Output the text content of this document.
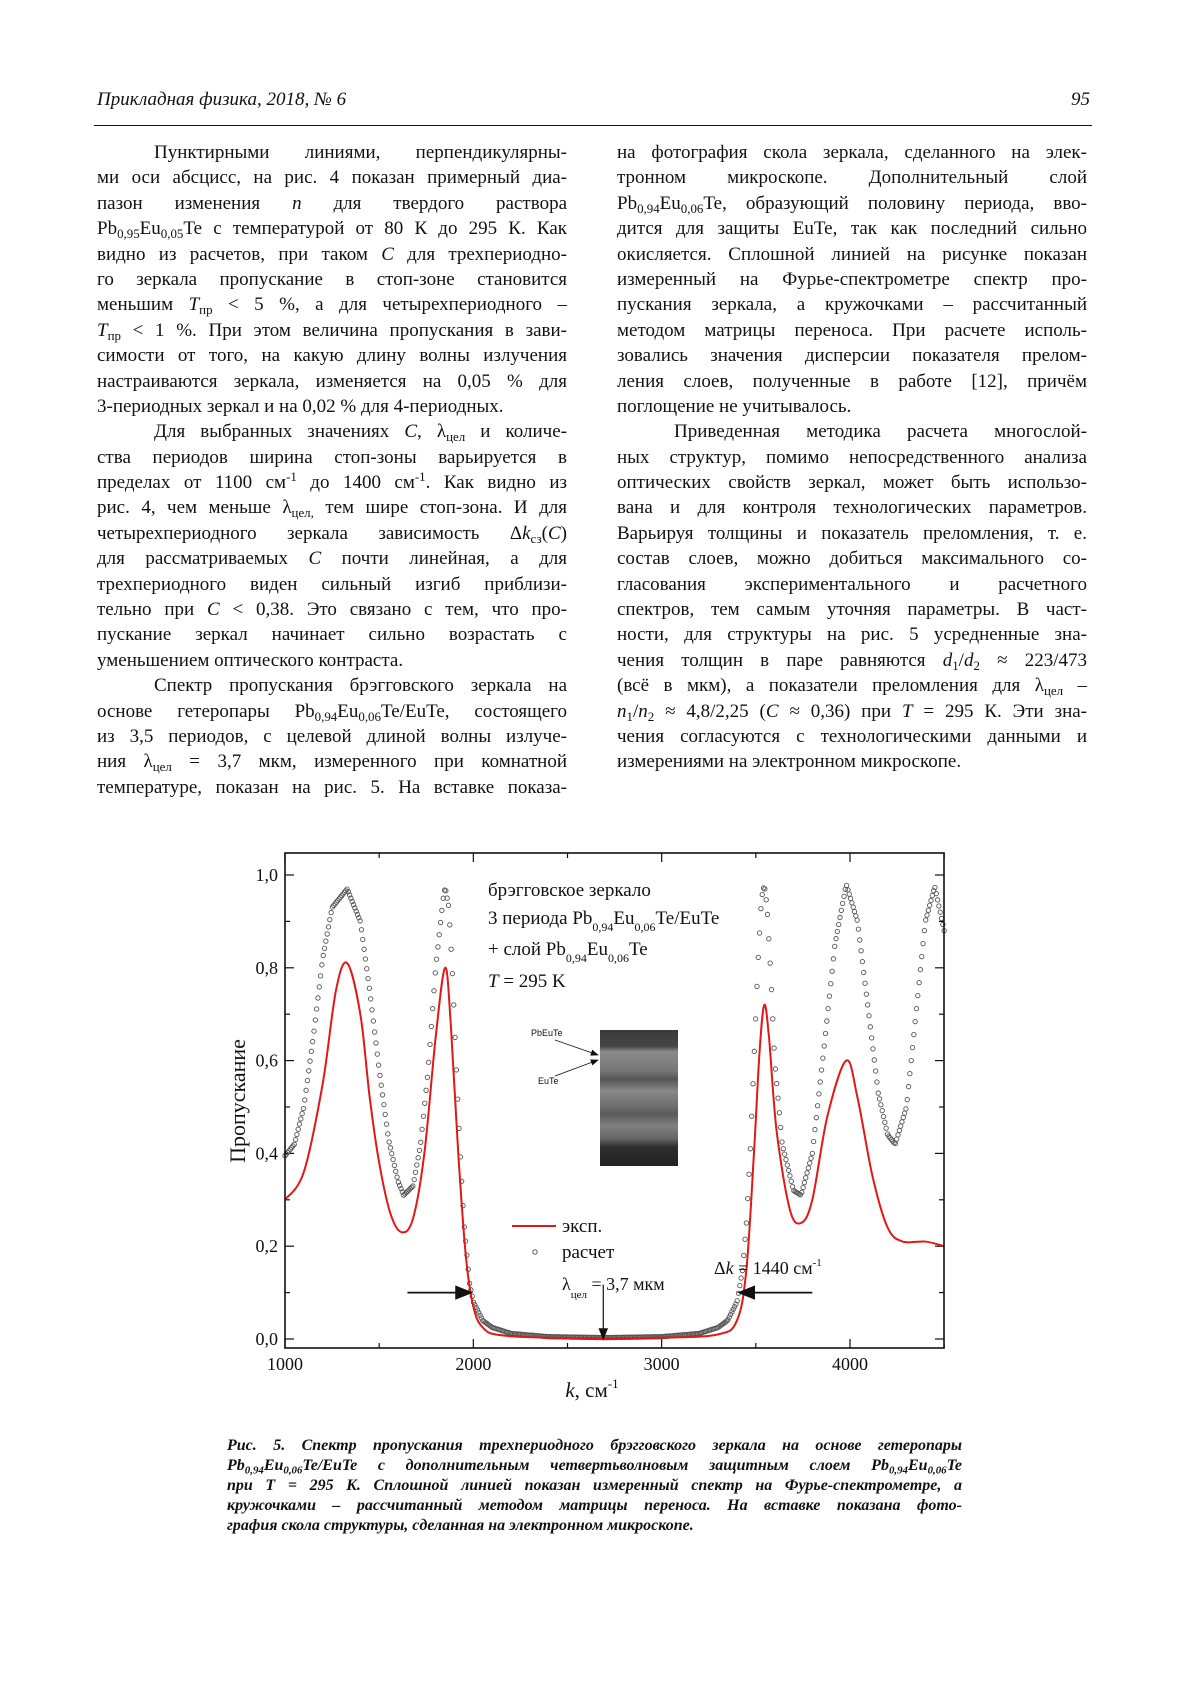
Прикладная физика, 2018, № 6	95
Пунктирными линиями, перпендикулярны-
ми оси абсцисс, на рис. 4 показан примерный диа-
пазон изменения n для твердого раствора
Pb0,95Eu0,05Te с температурой от 80 К до 295 К. Как
видно из расчетов, при таком C для трехпериодно-
го зеркала пропускание в стоп-зоне становится
меньшим Tпр < 5 %, а для четырехпериодного –
Tпр < 1 %. При этом величина пропускания в зави-
симости от того, на какую длину волны излучения
настраиваются зеркала, изменяется на 0,05 % для
3-периодных зеркал и на 0,02 % для 4-периодных.
Для выбранных значениях C, λцел и количе-
ства периодов ширина стоп-зоны варьируется в
пределах от 1100 см-1 до 1400 см-1. Как видно из
рис. 4, чем меньше λцел, тем шире стоп-зона. И для
четырехпериодного зеркала зависимость Δkсз(C)
для рассматриваемых C почти линейная, а для
трехпериодного виден сильный изгиб приблизи-
тельно при C < 0,38. Это связано с тем, что про-
пускание зеркал начинает сильно возрастать с
уменьшением оптического контраста.
Спектр пропускания брэгговского зеркала на
основе гетеропары Pb0,94Eu0,06Te/EuTe, состоящего
из 3,5 периодов, с целевой длиной волны излуче-
ния λцел = 3,7 мкм, измеренного при комнатной
температуре, показан на рис. 5. На вставке показа-
на фотография скола зеркала, сделанного на элек-
тронном микроскопе. Дополнительный слой
Pb0,94Eu0,06Te, образующий половину периода, вво-
дится для защиты EuTe, так как последний сильно
окисляется. Сплошной линией на рисунке показан
измеренный на Фурье-спектрометре спектр про-
пускания зеркала, а кружочками – рассчитанный
методом матрицы переноса. При расчете исполь-
зовались значения дисперсии показателя прелом-
ления слоев, полученные в работе [12], причём
поглощение не учитывалось.
Приведенная методика расчета многослой-
ных структур, помимо непосредственного анализа
оптических свойств зеркал, может быть использо-
вана и для контроля технологических параметров.
Варьируя толщины и показатель преломления, т. е.
состав слоев, можно добиться максимального со-
гласования экспериментального и расчетного
спектров, тем самым уточняя параметры. В част-
ности, для структуры на рис. 5 усредненные зна-
чения толщин в паре равняются d1/d2 ≈ 223/473
(всё в мкм), а показатели преломления для λцел –
n1/n2 ≈ 4,8/2,25 (C ≈ 0,36) при T = 295 К. Эти зна-
чения согласуются с технологическими данными и
измерениями на электронном микроскопе.
1000	2000	3000	4000
0,0
0,2
0,4
0,6
0,8
1,0
Пропускание
k, см-1
брэгговское зеркало
3 периода Pb0,94Eu0,06Te/EuTe
+ слой Pb0,94Eu0,06Te
T = 295 K
PbEuTe
EuTe
эксп.
расчет
Δk = 1440 см-1
λцел = 3,7 мкм
Рис. 5. Спектр пропускания трехпериодного брэгговского зеркала на основе гетеропары
Pb0,94Eu0,06Te/EuTe с дополнительным четвертьволновым защитным слоем Pb0,94Eu0,06Te
при T = 295 K. Сплошной линией показан измеренный спектр на Фурье-спектрометре, а
кружочками – рассчитанный методом матрицы переноса. На вставке показана фото-
графия скола структуры, сделанная на электронном микроскопе.
